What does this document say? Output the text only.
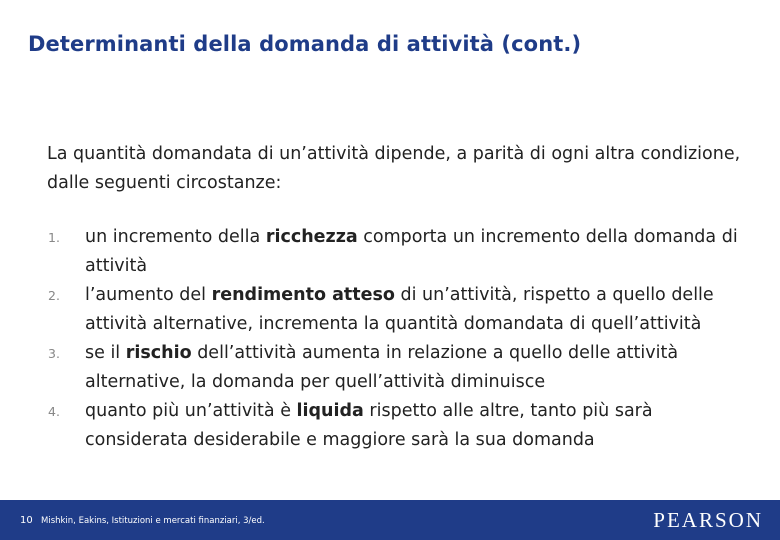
Determinanti della domanda di attività (cont.)

La quantità domandata di un’attività dipende, a parità di ogni altra condizione, dalle seguenti circostanze:

1. un incremento della ricchezza comporta un incremento della domanda di attività
2. l’aumento del rendimento atteso di un’attività, rispetto a quello delle attività alternative, incrementa la quantità domandata di quell’attività
3. se il rischio dell’attività aumenta in relazione a quello delle attività alternative, la domanda per quell’attività diminuisce
4. quanto più un’attività è liquida rispetto alle altre, tanto più sarà considerata desiderabile e maggiore sarà la sua domanda
10 Mishkin, Eakins, Istituzioni e mercati finanziari, 3/ed.	PEARSON
